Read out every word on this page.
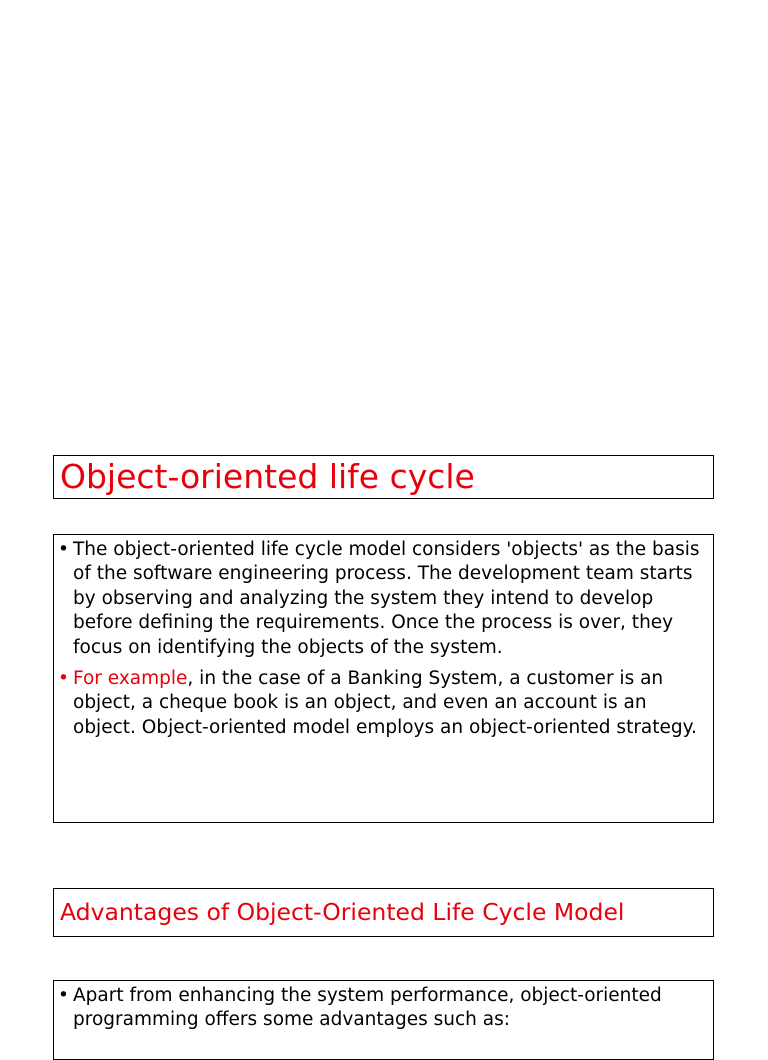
Object-oriented life cycle
• The object-oriented life cycle model considers 'objects' as the basis of the software engineering process. The development team starts by observing and analyzing the system they intend to develop before defining the requirements. Once the process is over, they focus on identifying the objects of the system.
• For example, in the case of a Banking System, a customer is an object, a cheque book is an object, and even an account is an object. Object-oriented model employs an object-oriented strategy.
Advantages of Object-Oriented Life Cycle Model
• Apart from enhancing the system performance, object-oriented programming offers some advantages such as:
